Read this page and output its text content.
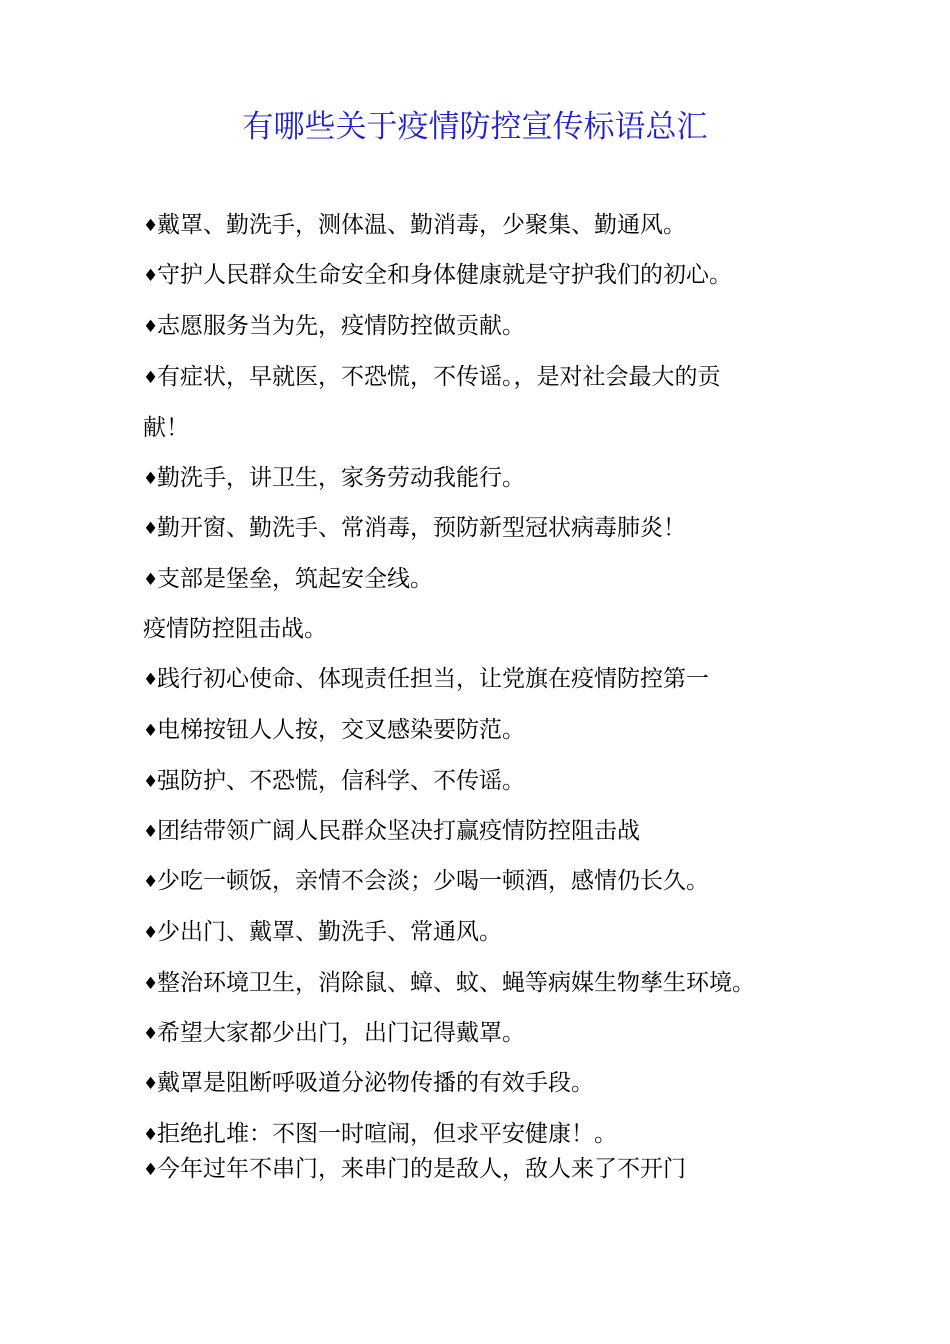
有哪些关于疫情防控宣传标语总汇
♦戴罩、勤洗手，测体温、勤消毒，少聚集、勤通风。
♦守护人民群众生命安全和身体健康就是守护我们的初心。
♦志愿服务当为先，疫情防控做贡献。
♦有症状，早就医，不恐慌，不传谣。，是对社会最大的贡
献！
♦勤洗手，讲卫生，家务劳动我能行。
♦勤开窗、勤洗手、常消毒，预防新型冠状病毒肺炎！
♦支部是堡垒，筑起安全线。
疫情防控阻击战。
♦践行初心使命、体现责任担当，让党旗在疫情防控第一
♦电梯按钮人人按，交叉感染要防范。
♦强防护、不恐慌，信科学、不传谣。
♦团结带领广阔人民群众坚决打赢疫情防控阻击战
♦少吃一顿饭，亲情不会淡；少喝一顿酒，感情仍长久。
♦少出门、戴罩、勤洗手、常通风。
♦整治环境卫生，消除鼠、蟑、蚊、蝇等病媒生物孳生环境。
♦希望大家都少出门，出门记得戴罩。
♦戴罩是阻断呼吸道分泌物传播的有效手段。
♦拒绝扎堆：不图一时喧闹，但求平安健康！。
♦今年过年不串门，来串门的是敌人，敌人来了不开门
